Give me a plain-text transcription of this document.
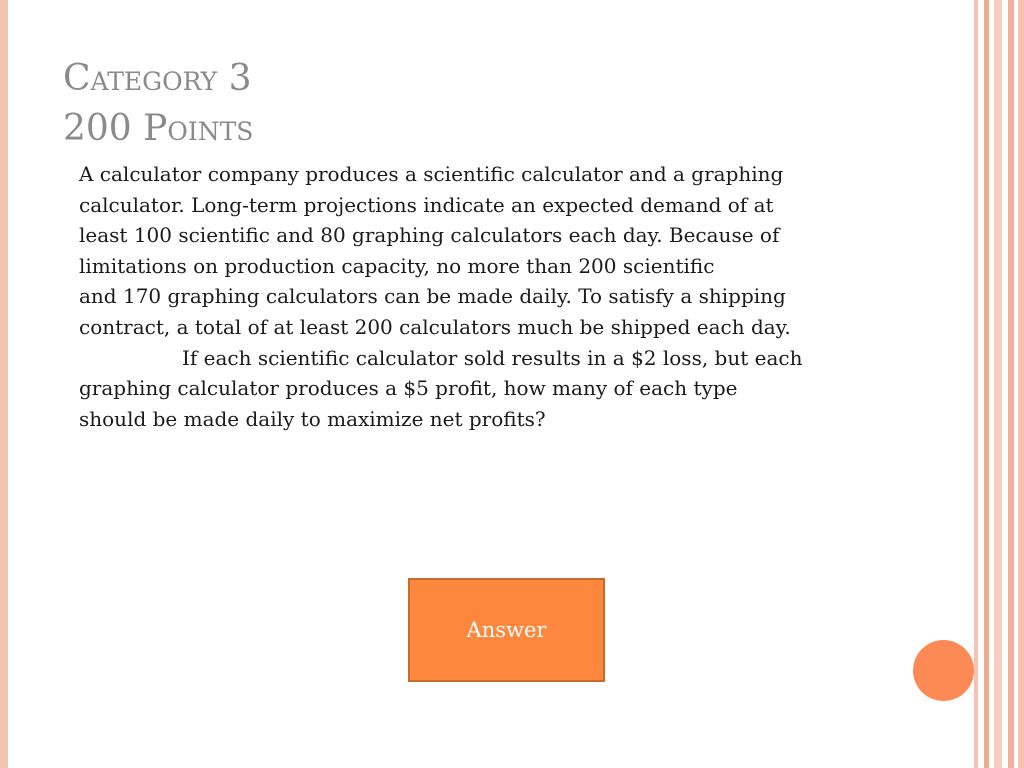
Category 3
200 Points
A calculator company produces a scientific calculator and a graphing
calculator. Long-term projections indicate an expected demand of at
least 100 scientific and 80 graphing calculators each day. Because of
limitations on production capacity, no more than 200 scientific
and 170 graphing calculators can be made daily. To satisfy a shipping
contract, a total of at least 200 calculators much be shipped each day.
If each scientific calculator sold results in a $2 loss, but each
graphing calculator produces a $5 profit, how many of each type
should be made daily to maximize net profits?
Answer
